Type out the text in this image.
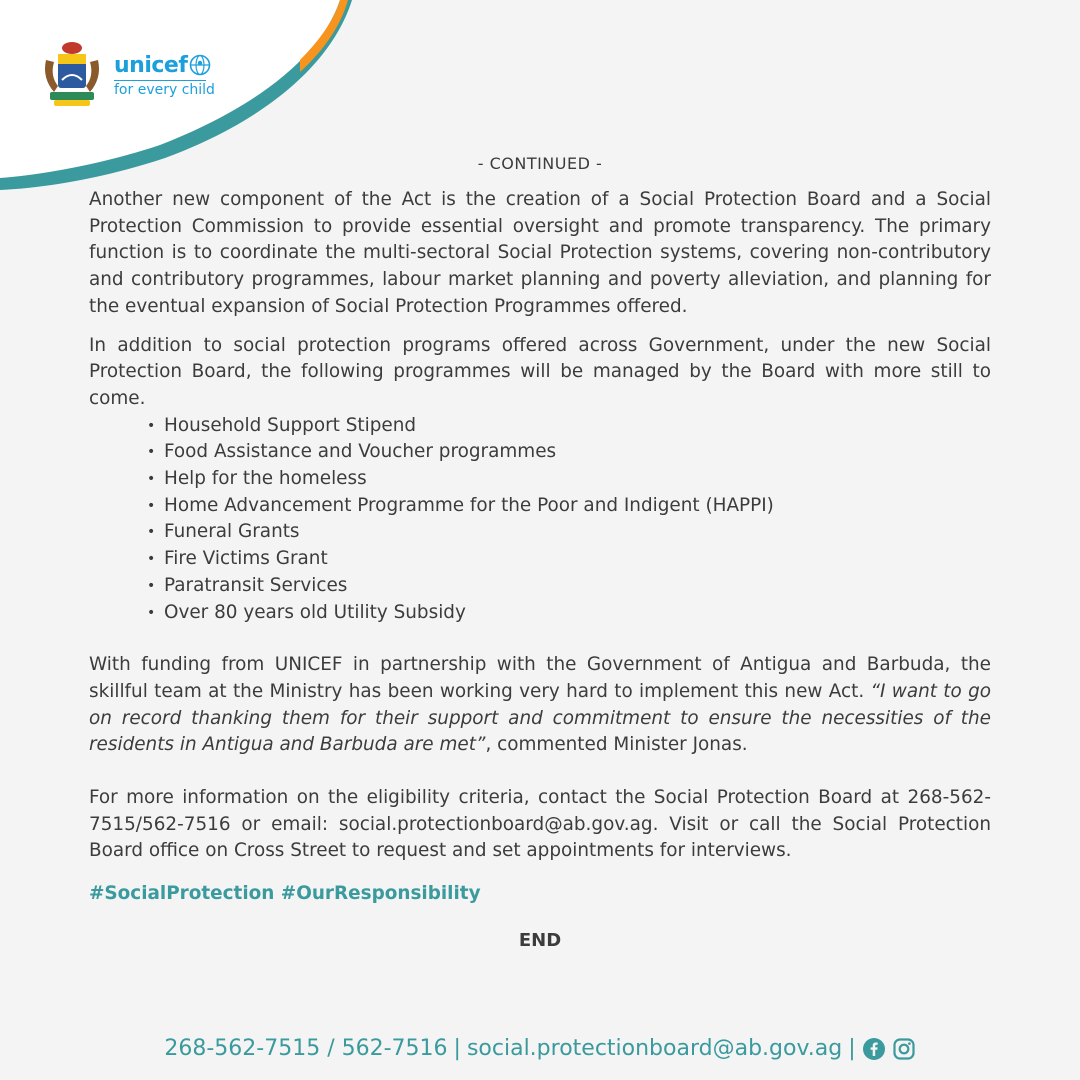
unicef
for every child
- CONTINUED -

Another new component of the Act is the creation of a Social Protection Board and a Social Protection Commission to provide essential oversight and promote transparency. The primary function is to coordinate the multi-sectoral Social Protection systems, covering non-contributory and contributory programmes, labour market planning and poverty alleviation, and planning for the eventual expansion of Social Protection Programmes offered.

In addition to social protection programs offered across Government, under the new Social Protection Board, the following programmes will be managed by the Board with more still to come.

• Household Support Stipend
• Food Assistance and Voucher programmes
• Help for the homeless
• Home Advancement Programme for the Poor and Indigent (HAPPI)
• Funeral Grants
• Fire Victims Grant
• Paratransit Services
• Over 80 years old Utility Subsidy

With funding from UNICEF in partnership with the Government of Antigua and Barbuda, the skillful team at the Ministry has been working very hard to implement this new Act. “I want to go on record thanking them for their support and commitment to ensure the necessities of the residents in Antigua and Barbuda are met”, commented Minister Jonas.

For more information on the eligibility criteria, contact the Social Protection Board at 268-562-7515/562-7516 or email: social.protectionboard@ab.gov.ag. Visit or call the Social Protection Board office on Cross Street to request and set appointments for interviews.

#SocialProtection #OurResponsibility
END
268-562-7515 / 562-7516 | social.protectionboard@ab.gov.ag |
